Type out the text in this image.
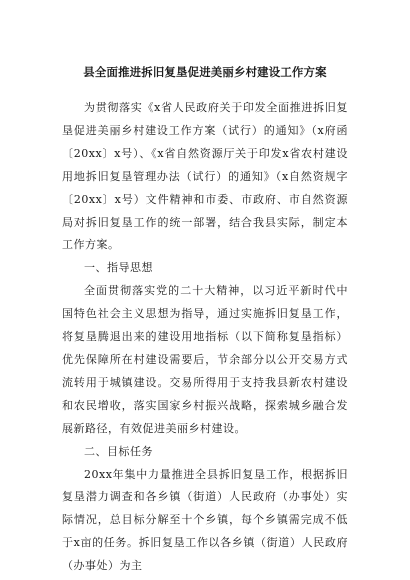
县全面推进拆旧复垦促进美丽乡村建设工作方案

为贯彻落实《x省人民政府关于印发全面推进拆旧复垦促进美丽乡村建设工作方案（试行）的通知》（x府函〔20xx〕x号）、《x省自然资源厅关于印发x省农村建设用地拆旧复垦管理办法（试行）的通知》（x自然资规字〔20xx〕x号）文件精神和市委、市政府、市自然资源局对拆旧复垦工作的统一部署，结合我县实际，制定本工作方案。

一、指导思想

全面贯彻落实党的二十大精神，以习近平新时代中国特色社会主义思想为指导，通过实施拆旧复垦工作，将复垦腾退出来的建设用地指标（以下简称复垦指标）优先保障所在村建设需要后，节余部分以公开交易方式流转用于城镇建设。交易所得用于支持我县新农村建设和农民增收，落实国家乡村振兴战略，探索城乡融合发展新路径，有效促进美丽乡村建设。

二、目标任务

20xx年集中力量推进全县拆旧复垦工作，根据拆旧复垦潜力调查和各乡镇（街道）人民政府（办事处）实际情况，总目标分解至十个乡镇，每个乡镇需完成不低于x亩的任务。拆旧复垦工作以各乡镇（街道）人民政府（办事处）为主
